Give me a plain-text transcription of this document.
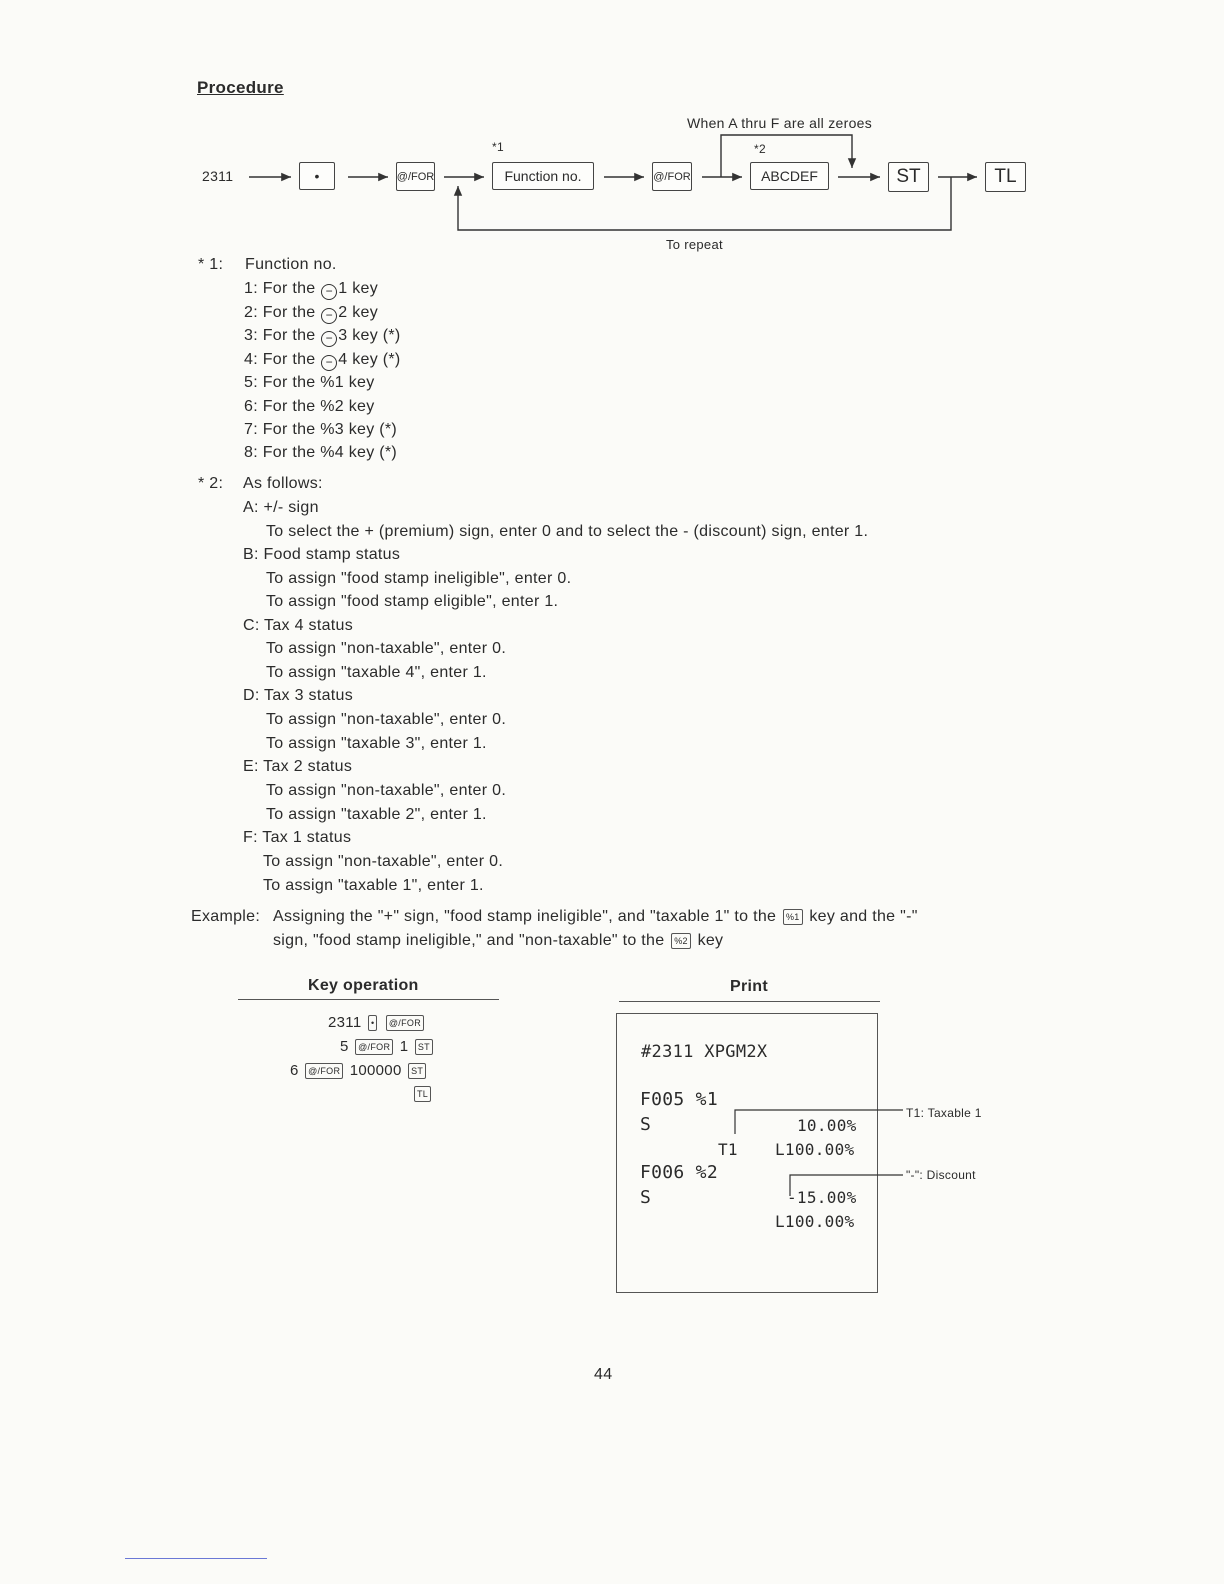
Procedure
When A thru F are all zeroes
*1	*2
2311	•	@/FOR	Function no.	@/FOR	ABCDEF	ST	TL
To repeat
* 1: Function no.
1: For the − 1 key
2: For the − 2 key
3: For the − 3 key (*)
4: For the − 4 key (*)
5: For the %1 key
6: For the %2 key
7: For the %3 key (*)
8: For the %4 key (*)
* 2: As follows:
A: +/- sign
To select the + (premium) sign, enter 0 and to select the - (discount) sign, enter 1.
B: Food stamp status
To assign "food stamp ineligible", enter 0.
To assign "food stamp eligible", enter 1.
C: Tax 4 status
To assign "non-taxable", enter 0.
To assign "taxable 4", enter 1.
D: Tax 3 status
To assign "non-taxable", enter 0.
To assign "taxable 3", enter 1.
E: Tax 2 status
To assign "non-taxable", enter 0.
To assign "taxable 2", enter 1.
F: Tax 1 status
To assign "non-taxable", enter 0.
To assign "taxable 1", enter 1.
Example: Assigning the "+" sign, "food stamp ineligible", and "taxable 1" to the %1 key and the "-"
sign, "food stamp ineligible," and "non-taxable" to the %2 key
Key operation
2311 • @/FOR
5 @/FOR 1 ST
6 @/FOR 100000 ST
TL
Print
#2311 XPGM2X
F005 %1
S	10.00%
T1 L100.00%
F006 %2
S	-15.00%
L100.00%
T1: Taxable 1
"-": Discount
44
